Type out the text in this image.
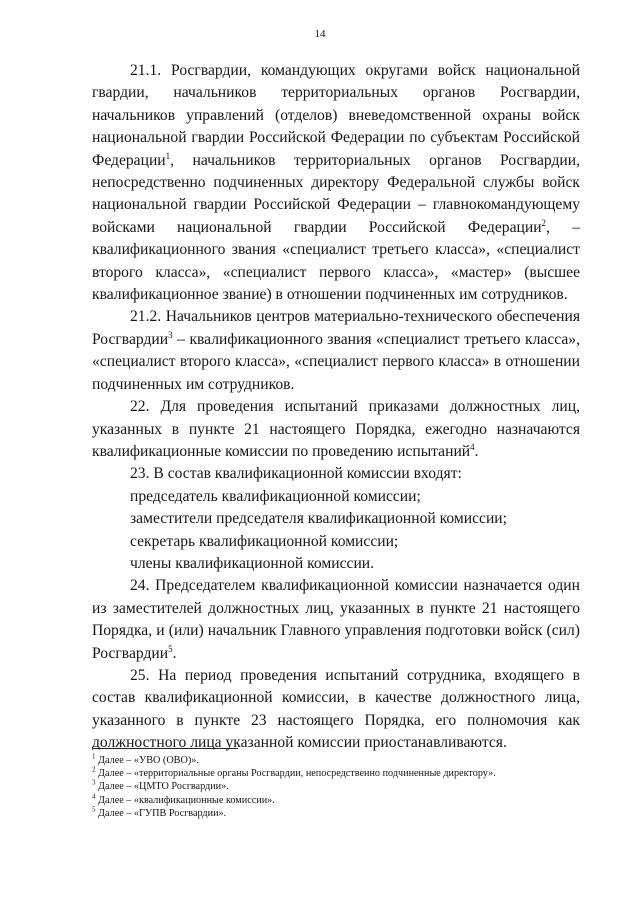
14

21.1. Росгвардии, командующих округами войск национальной гвардии, начальников территориальных органов Росгвардии, начальников управлений (отделов) вневедомственной охраны войск национальной гвардии Российской Федерации по субъектам Российской Федерации$^1$, начальников территориальных органов Росгвардии, непосредственно подчиненных директору Федеральной службы войск национальной гвардии Российской Федерации – главнокомандующему войсками национальной гвардии Российской Федерации$^2$, – квалификационного звания «специалист третьего класса», «специалист второго класса», «специалист первого класса», «мастер» (высшее квалификационное звание) в отношении подчиненных им сотрудников.

21.2. Начальников центров материально-технического обеспечения Росгвардии$^3$ – квалификационного звания «специалист третьего класса», «специалист второго класса», «специалист первого класса» в отношении подчиненных им сотрудников.

22. Для проведения испытаний приказами должностных лиц, указанных в пункте 21 настоящего Порядка, ежегодно назначаются квалификационные комиссии по проведению испытаний$^4$.

23. В состав квалификационной комиссии входят:

председатель квалификационной комиссии;

заместители председателя квалификационной комиссии;

секретарь квалификационной комиссии;

члены квалификационной комиссии.

24. Председателем квалификационной комиссии назначается один из заместителей должностных лиц, указанных в пункте 21 настоящего Порядка, и (или) начальник Главного управления подготовки войск (сил) Росгвардии$^5$.

25. На период проведения испытаний сотрудника, входящего в состав квалификационной комиссии, в качестве должностного лица, указанного в пункте 23 настоящего Порядка, его полномочия как должностного лица указанной комиссии приостанавливаются.

$^1$ Далее – «УВО (ОВО)».

$^2$ Далее – «территориальные органы Росгвардии, непосредственно подчиненные директору».

$^3$ Далее – «ЦМТО Росгвардии».

$^4$ Далее – «квалификационные комиссии».

$^5$ Далее – «ГУПВ Росгвардии».
